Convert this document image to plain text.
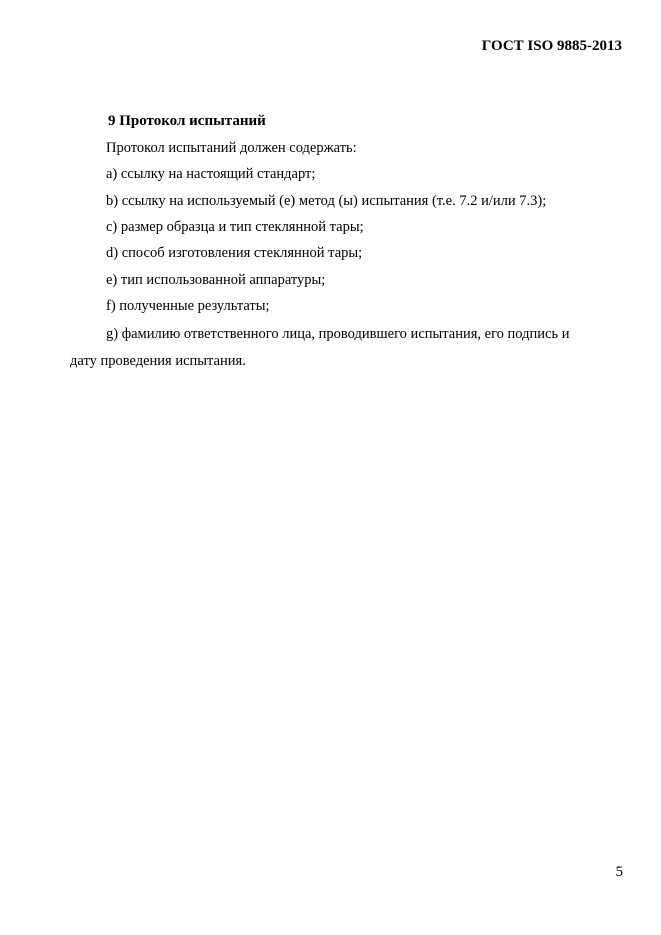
ГОСТ ISO 9885-2013
9 Протокол испытаний
Протокол испытаний должен содержать:
a) ссылку на настоящий стандарт;
b) ссылку на используемый (е) метод (ы) испытания (т.е. 7.2 и/или 7.3);
c) размер образца и тип стеклянной тары;
d) способ изготовления стеклянной тары;
e) тип использованной аппаратуры;
f) полученные результаты;
g) фамилию ответственного лица, проводившего испытания, его подпись и
дату проведения испытания.
5
